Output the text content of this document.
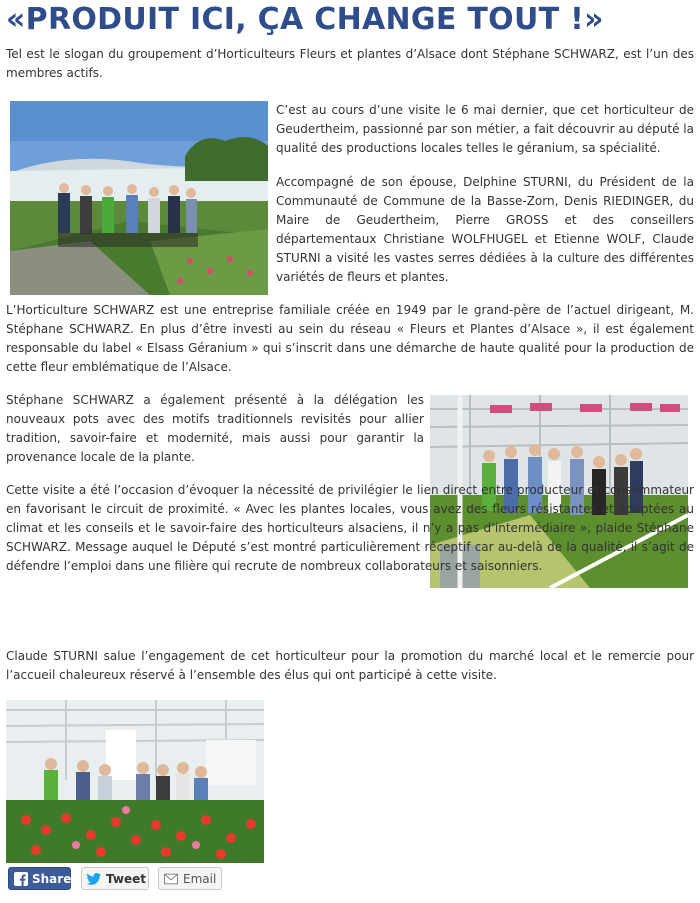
«PRODUIT ICI, ÇA CHANGE TOUT !»

Tel est le slogan du groupement d’Horticulteurs Fleurs et plantes d’Alsace dont Stéphane SCHWARZ, est l’un des membres actifs.

C’est au cours d’une visite le 6 mai dernier, que cet horticulteur de Geudertheim, passionné par son métier, a fait découvrir au député la qualité des productions locales telles le géranium, sa spécialité.

Accompagné de son épouse, Delphine STURNI, du Président de la Communauté de Commune de la Basse-Zorn, Denis RIEDINGER, du Maire de Geudertheim, Pierre GROSS et des conseillers départementaux Christiane WOLFHUGEL et Etienne WOLF, Claude STURNI a visité les vastes serres dédiées à la culture des différentes variétés de fleurs et plantes.

L’Horticulture SCHWARZ est une entreprise familiale créée en 1949 par le grand-père de l’actuel dirigeant, M. Stéphane SCHWARZ. En plus d’être investi au sein du réseau « Fleurs et Plantes d’Alsace », il est également responsable du label « Elsass Géranium » qui s’inscrit dans une démarche de haute qualité pour la production de cette fleur emblématique de l’Alsace.

Stéphane SCHWARZ a également présenté à la délégation les nouveaux pots avec des motifs traditionnels revisités pour allier tradition, savoir-faire et modernité, mais aussi pour garantir la provenance locale de la plante.

Cette visite a été l’occasion d’évoquer la nécessité de privilégier le lien direct entre producteur et consommateur en favorisant le circuit de proximité. « Avec les plantes locales, vous avez des fleurs résistantes et adaptées au climat et les conseils et le savoir-faire des horticulteurs alsaciens, il n’y a pas d’intermédiaire », plaide Stéphane SCHWARZ. Message auquel le Député s’est montré particulièrement réceptif car au-delà de la qualité, il s’agit de défendre l’emploi dans une filière qui recrute de nombreux collaborateurs et saisonniers.

Claude STURNI salue l’engagement de cet horticulteur pour la promotion du marché local et le remercie pour l’accueil chaleureux réservé à l’ensemble des élus qui ont participé à cette visite.

Share	Tweet	Email
